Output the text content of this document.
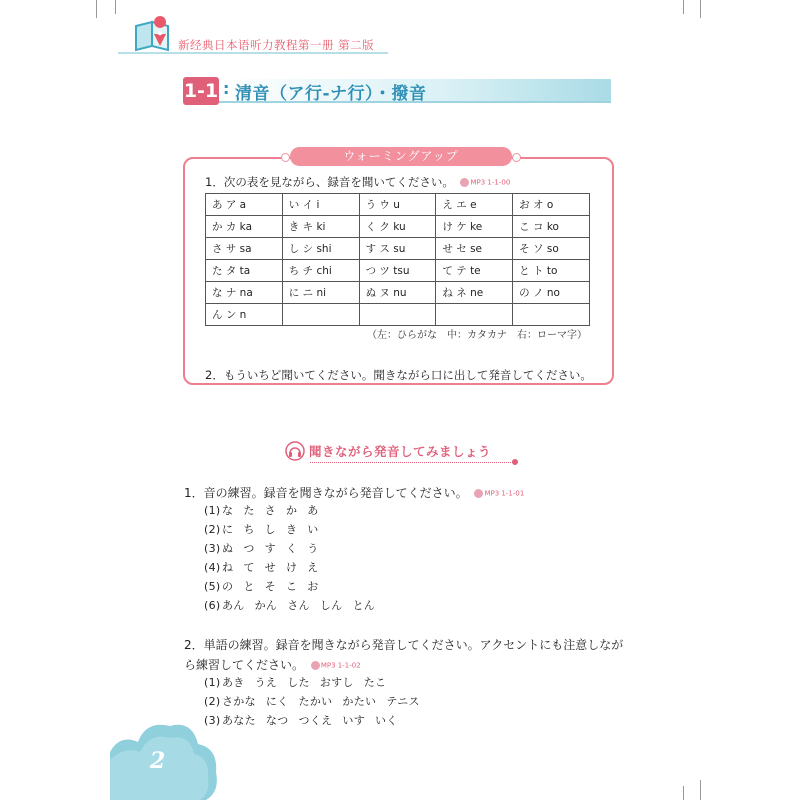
新经典日本语听力教程第一册 第二版
1-1 : 清音（ア行-ナ行）・撥音
ウォーミングアップ
1．次の表を見ながら、録音を聞いてください。 MP3 1-1-00
あ ア a	い イ i	う ウ u	え エ e	お オ o
か カ ka	き キ ki	く ク ku	け ケ ke	こ コ ko
さ サ sa	し シ shi	す ス su	せ セ se	そ ソ so
た タ ta	ち チ chi	つ ツ tsu	て テ te	と ト to
な ナ na	に ニ ni	ぬ ヌ nu	ね ネ ne	の ノ no
ん ン n				
（左：ひらがな　中：カタカナ　右：ローマ字）
2．もういちど聞いてください。聞きながら口に出して発音してください。
聞きながら発音してみましょう
1．音の練習。録音を聞きながら発音してください。 MP3 1-1-01
(1) な た さ か あ
(2) に ち し き い
(3) ぬ つ す く う
(4) ね て せ け え
(5) の と そ こ お
(6) あん かん さん しん とん
2．単語の練習。録音を聞きながら発音してください。アクセントにも注意しなが
ら練習してください。 MP3 1-1-02
(1) あき うえ した おすし たこ
(2) さかな にく たかい かたい テニス
(3) あなた なつ つくえ いす いく
2
